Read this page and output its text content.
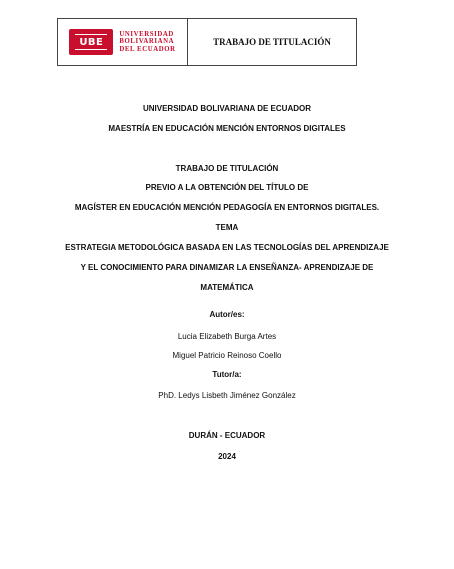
UBE
UNIVERSIDAD
BOLIVARIANA
DEL ECUADOR
TRABAJO DE TITULACIÓN
UNIVERSIDAD BOLIVARIANA DE ECUADOR
MAESTRÍA EN EDUCACIÓN MENCIÓN ENTORNOS DIGITALES
TRABAJO DE TITULACIÓN
PREVIO A LA OBTENCIÓN DEL TÍTULO DE
MAGÍSTER EN EDUCACIÓN MENCIÓN PEDAGOGÍA EN ENTORNOS DIGITALES.
TEMA
ESTRATEGIA METODOLÓGICA BASADA EN LAS TECNOLOGÍAS DEL APRENDIZAJE
Y EL CONOCIMIENTO PARA DINAMIZAR LA ENSEÑANZA- APRENDIZAJE DE
MATEMÁTICA
Autor/es:
Lucia Elizabeth Burga Artes
Miguel Patricio Reinoso Coello
Tutor/a:
PhD. Ledys Lisbeth Jiménez González
DURÁN - ECUADOR
2024
